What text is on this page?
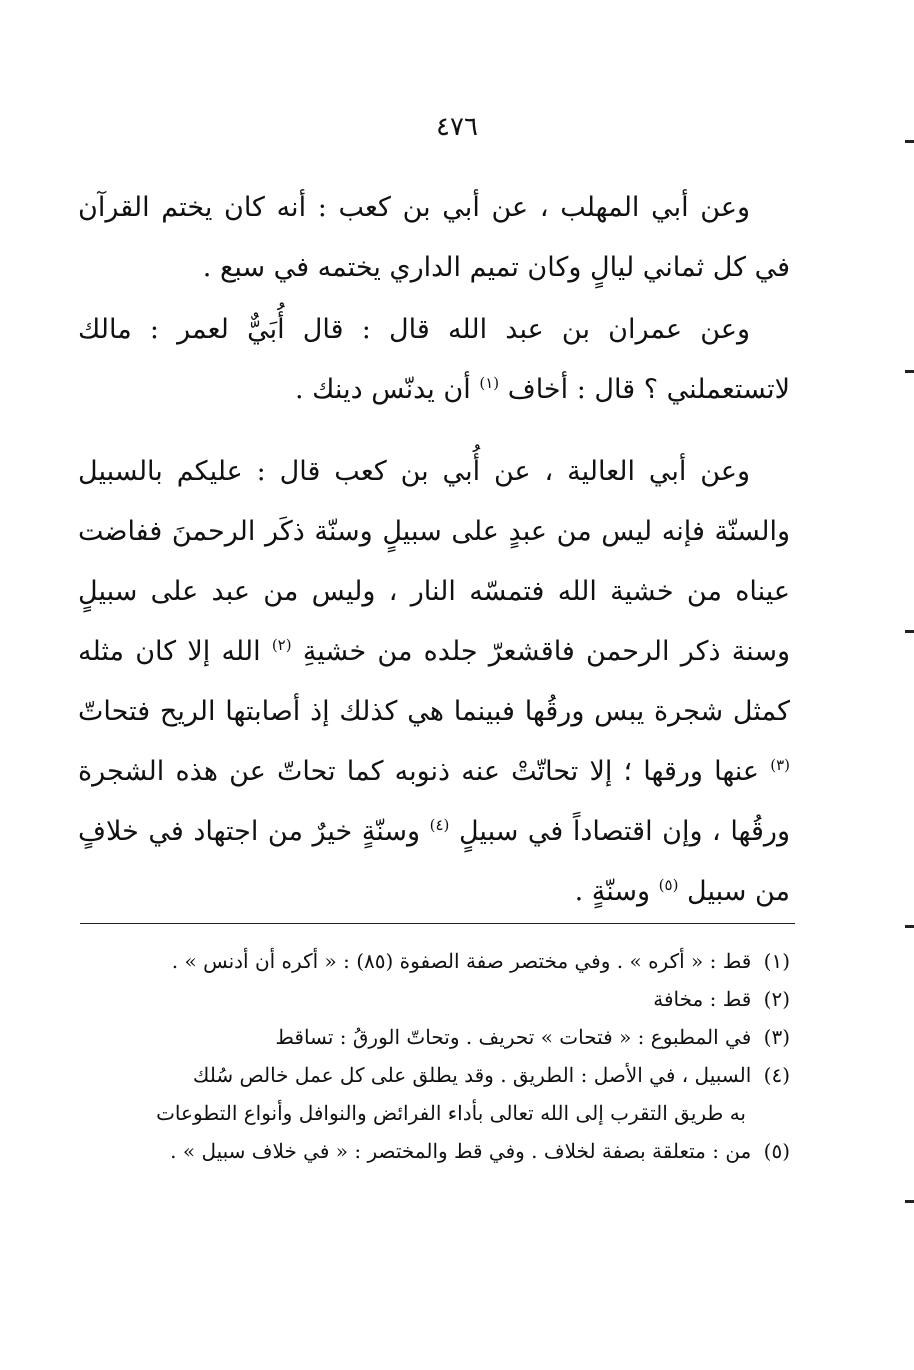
٤٧٦

وعن أبي المهلب ، عن أبي بن كعب : أنه كان يختم القرآن في كل ثماني ليالٍ وكان تميم الداري يختمه في سبع .

وعن عمران بن عبد الله قال : قال أُبَيٌّ لعمر : مالك لاتستعملني ؟ قال : أخاف $^{(١)}$ أن يدنّس دينك .

وعن أبي العالية ، عن أُبي بن كعب قال : عليكم بالسبيل والسنّة فإنه ليس من عبدٍ على سبيلٍ وسنّة ذكَر الرحمنَ ففاضت عيناه من خشية الله فتمسّه النار ، وليس من عبد على سبيلٍ وسنة ذكر الرحمن فاقشعرّ جلده من خشيةِ $^{(٢)}$ الله إلا كان مثله كمثل شجرة يبس ورقُها فبينما هي كذلك إذ أصابتها الريح فتحاتّ $^{(٣)}$ عنها ورقها ؛ إلا تحاتّتْ عنه ذنوبه كما تحاتّ عن هذه الشجرة ورقُها ، وإن اقتصاداً في سبيلٍ $^{(٤)}$ وسنّةٍ خيرٌ من اجتهاد في خلافٍ من سبيل $^{(٥)}$ وسنّةٍ .

(١) قط : « أكره » . وفي مختصر صفة الصفوة (٨٥) : « أكره أن أدنس » .

(٢) قط : مخافة

(٣) في المطبوع : « فتحات » تحريف . وتحاتّ الورقُ : تساقط

(٤) السبيل ، في الأصل : الطريق . وقد يطلق على كل عمل خالص سُلك

به طريق التقرب إلى الله تعالى بأداء الفرائض والنوافل وأنواع التطوعات

(٥) من : متعلقة بصفة لخلاف . وفي قط والمختصر : « في خلاف سبيل » .
